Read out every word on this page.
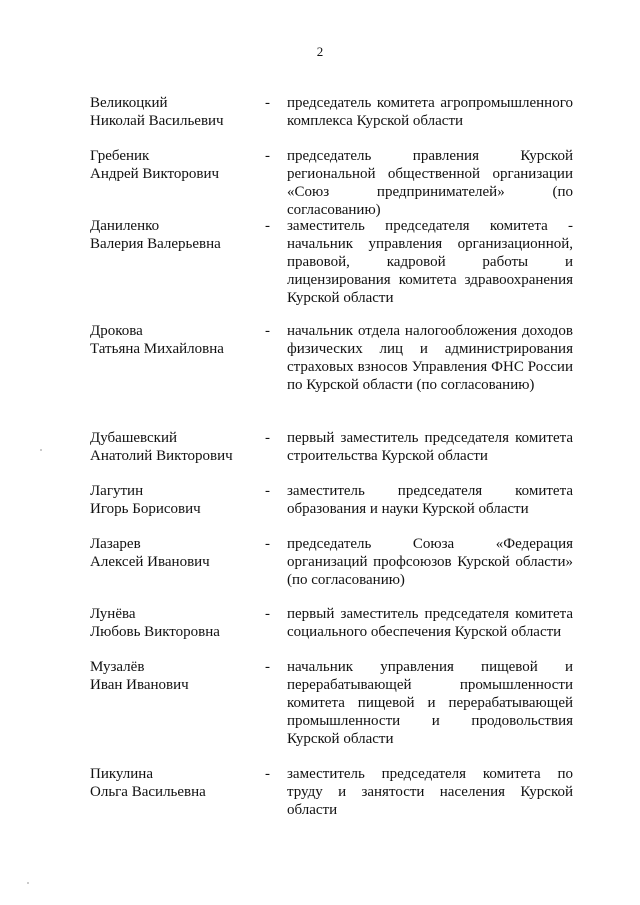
2
Великоцкий
Николай Васильевич
-	председатель комитета агропромышленного комплекса Курской области
Гребеник
Андрей Викторович
-	председатель правления Курской региональной общественной организации «Союз предпринимателей» (по согласованию)
Даниленко
Валерия Валерьевна
-	заместитель председателя комитета - начальник управления организационной, правовой, кадровой работы и лицензирования комитета здравоохранения Курской области
Дрокова
Татьяна Михайловна
-	начальник отдела налогообложения доходов физических лиц и администрирования страховых взносов Управления ФНС России по Курской области (по согласованию)
Дубашевский
Анатолий Викторович
-	первый заместитель председателя комитета строительства Курской области
Лагутин
Игорь Борисович
-	заместитель председателя комитета образования и науки Курской области
Лазарев
Алексей Иванович
-	председатель Союза «Федерация организаций профсоюзов Курской области» (по согласованию)
Лунёва
Любовь Викторовна
-	первый заместитель председателя комитета социального обеспечения Курской области
Музалёв
Иван Иванович
-	начальник управления пищевой и перерабатывающей промышленности комитета пищевой и перерабатывающей промышленности и продовольствия Курской области
Пикулина
Ольга Васильевна
-	заместитель председателя комитета по труду и занятости населения Курской области
